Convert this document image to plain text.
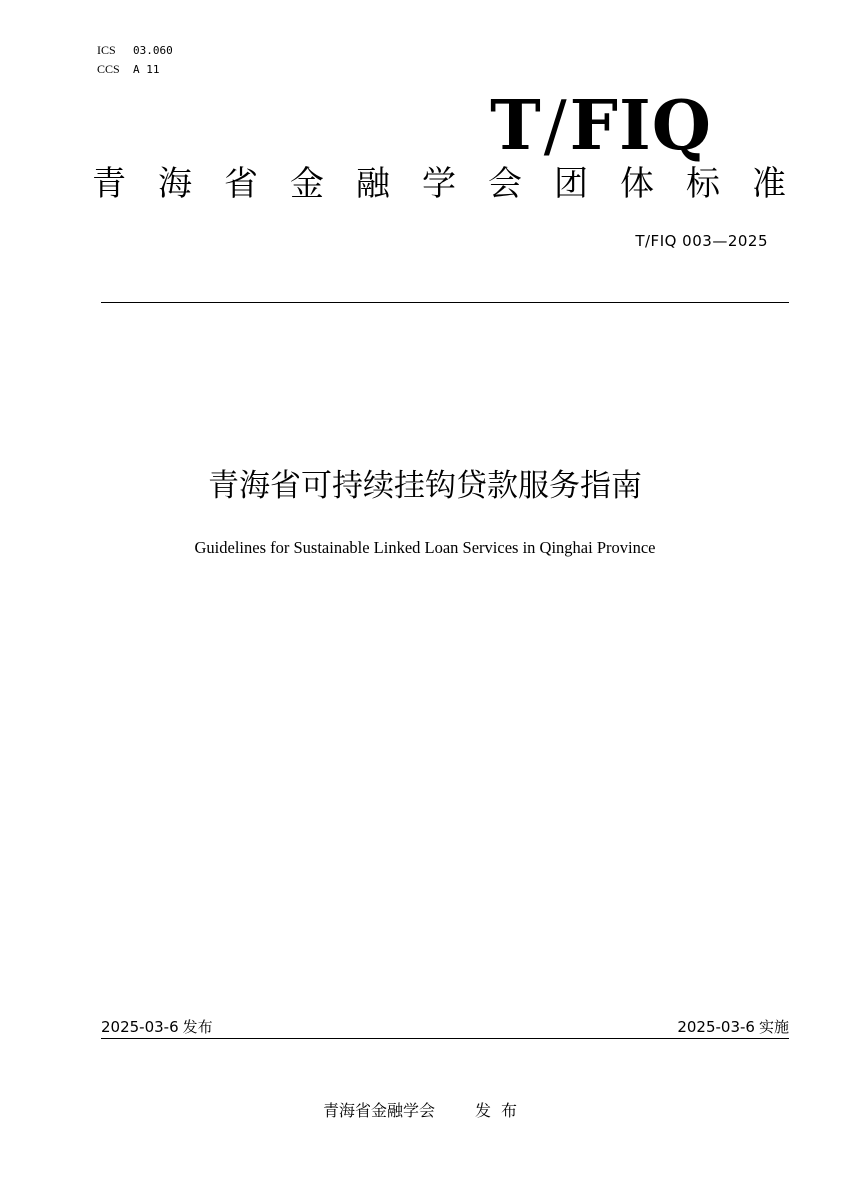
ICS 03.060
CCS A 11
T/FIQ
青 海 省 金 融 学 会 团 体 标 准
T/FIQ 003—2025
青海省可持续挂钩贷款服务指南
Guidelines for Sustainable Linked Loan Services in Qinghai Province
2025-03-6 发布	2025-03-6 实施
青海省金融学会	发布
